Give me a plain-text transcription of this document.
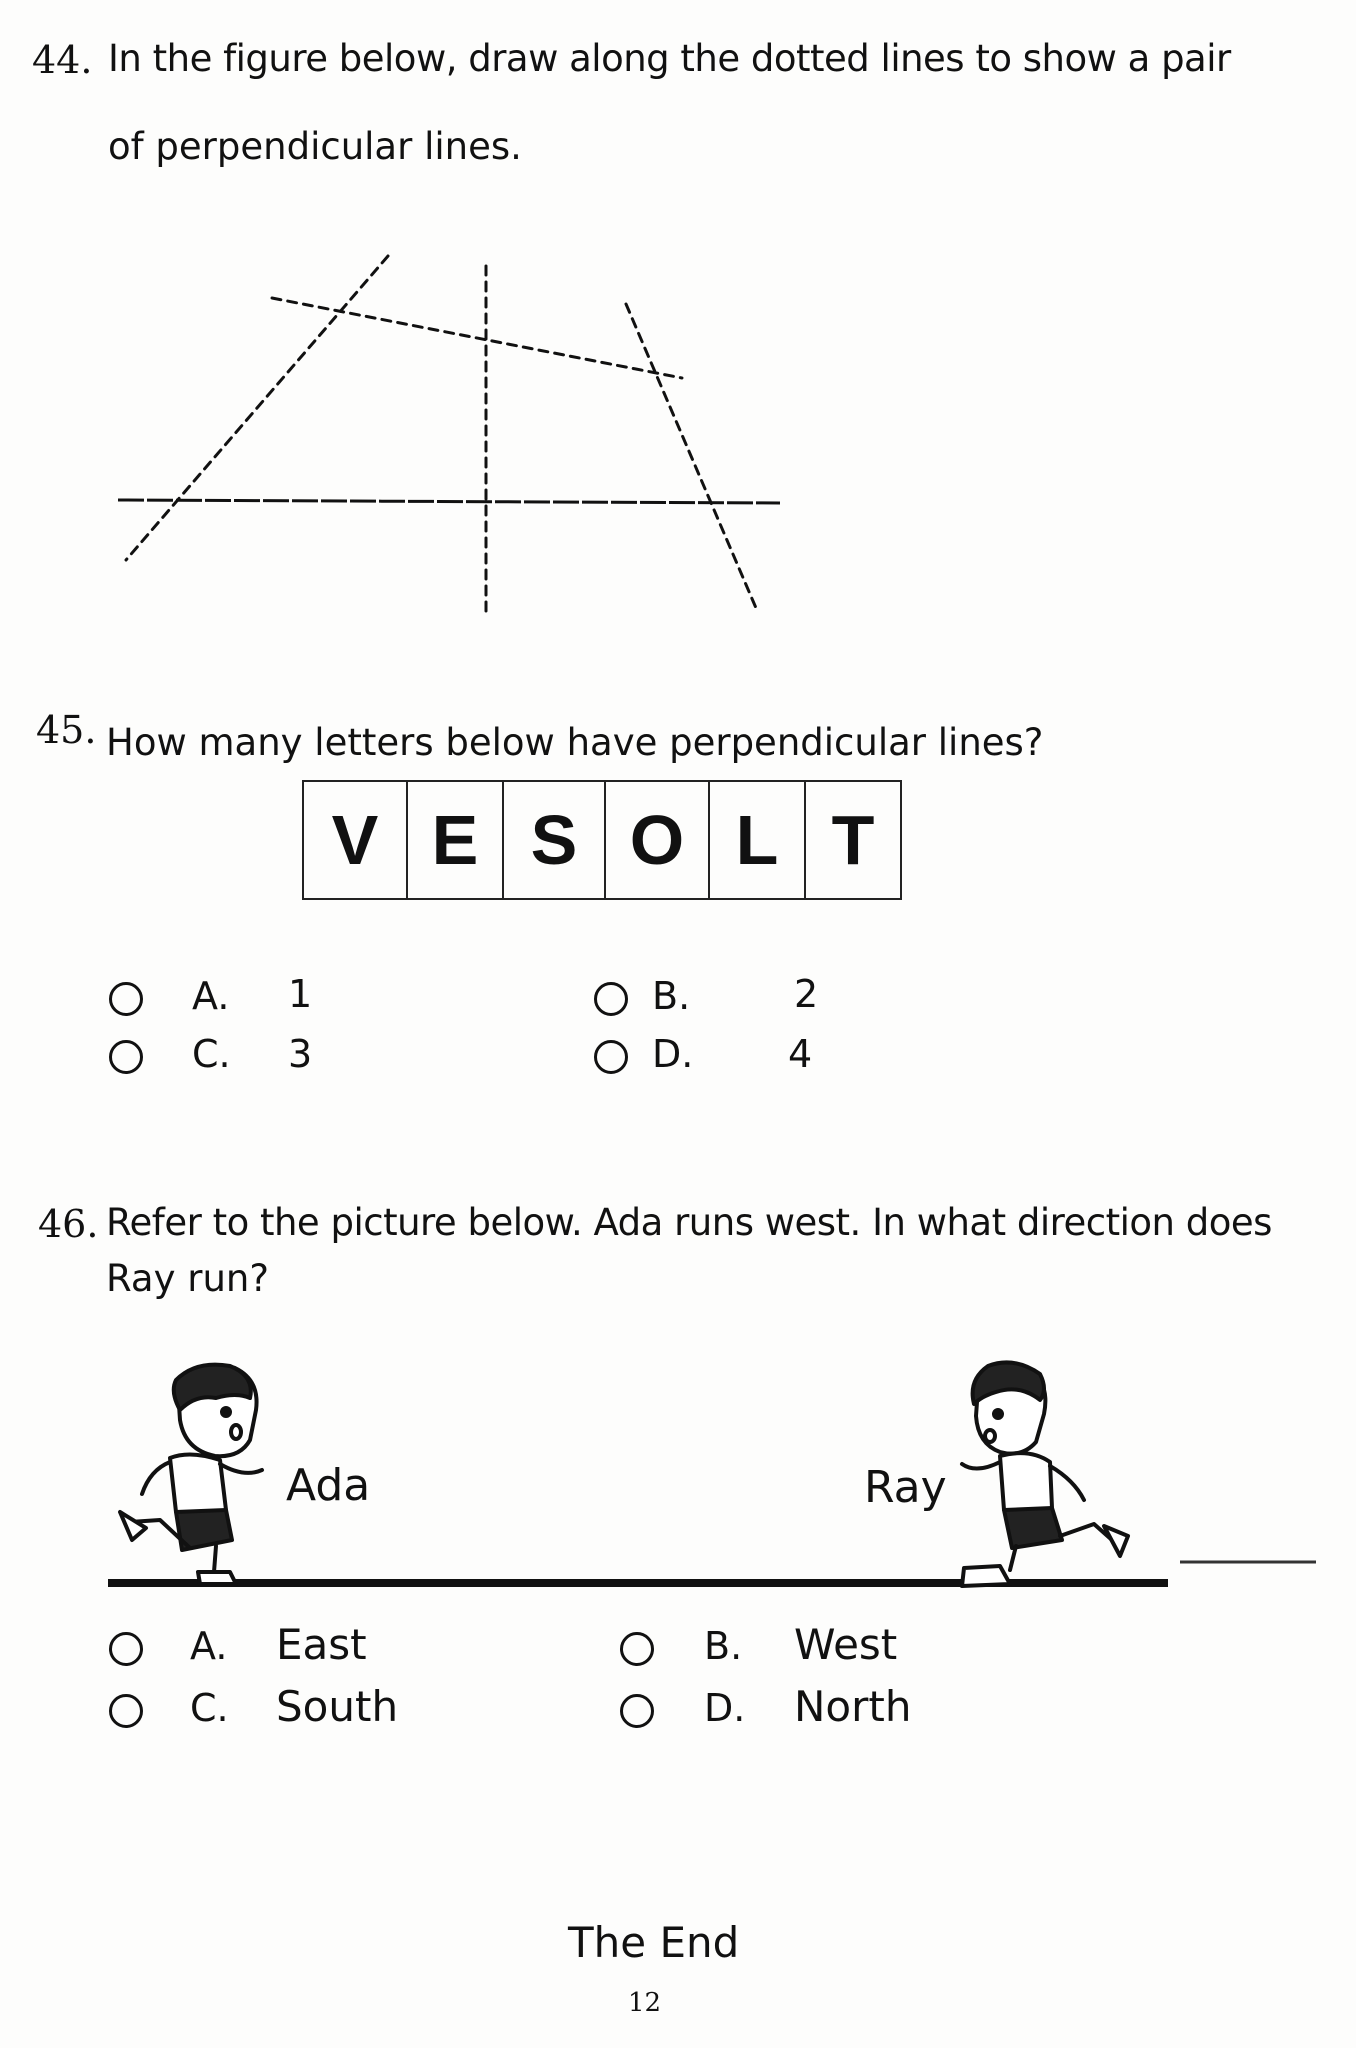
44. In the figure below, draw along the dotted lines to show a pair
of perpendicular lines.
45. How many letters below have perpendicular lines?
V	E	S	O	L	T
A. 1	B.	2
C. 3	D. 4
46. Refer to the picture below. Ada runs west. In what direction does
Ray run?
Ada	Ray
A. East	B. West
C. South	D. North
The End
12
